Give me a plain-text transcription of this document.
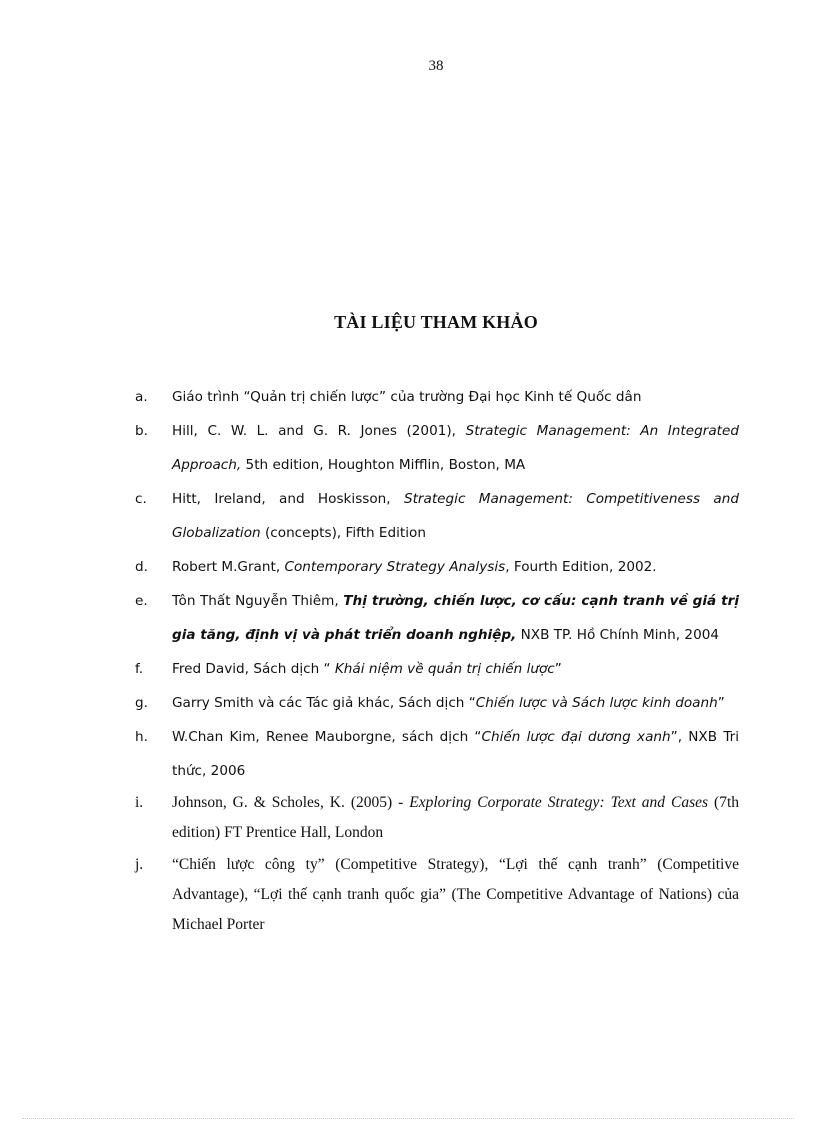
38
TÀI LIỆU THAM KHẢO
a.	Giáo trình “Quản trị chiến lược” của trường Đại học Kinh tế Quốc dân
b.	Hill, C. W. L. and G. R. Jones (2001), Strategic Management: An Integrated Approach, 5th edition, Houghton Mifflin, Boston, MA
c.	Hitt, Ireland, and Hoskisson, Strategic Management: Competitiveness and Globalization (concepts), Fifth Edition
d.	Robert M.Grant, Contemporary Strategy Analysis, Fourth Edition, 2002.
e.	Tôn Thất Nguyễn Thiêm, Thị trường, chiến lược, cơ cấu: cạnh tranh về giá trị gia tăng, định vị và phát triển doanh nghiệp, NXB TP. Hồ Chính Minh, 2004
f.	Fred David, Sách dịch “ Khái niệm về quản trị chiến lược”
g.	Garry Smith và các Tác giả khác, Sách dịch “Chiến lược và Sách lược kinh doanh”
h.	W.Chan Kim, Renee Mauborgne, sách dịch “Chiến lược đại dương xanh”, NXB Tri thức, 2006
i.	Johnson, G. & Scholes, K. (2005) - Exploring Corporate Strategy: Text and Cases (7th edition) FT Prentice Hall, London
j.	“Chiến lược công ty” (Competitive Strategy), “Lợi thế cạnh tranh” (Competitive Advantage), “Lợi thế cạnh tranh quốc gia” (The Competitive Advantage of Nations) của Michael Porter
